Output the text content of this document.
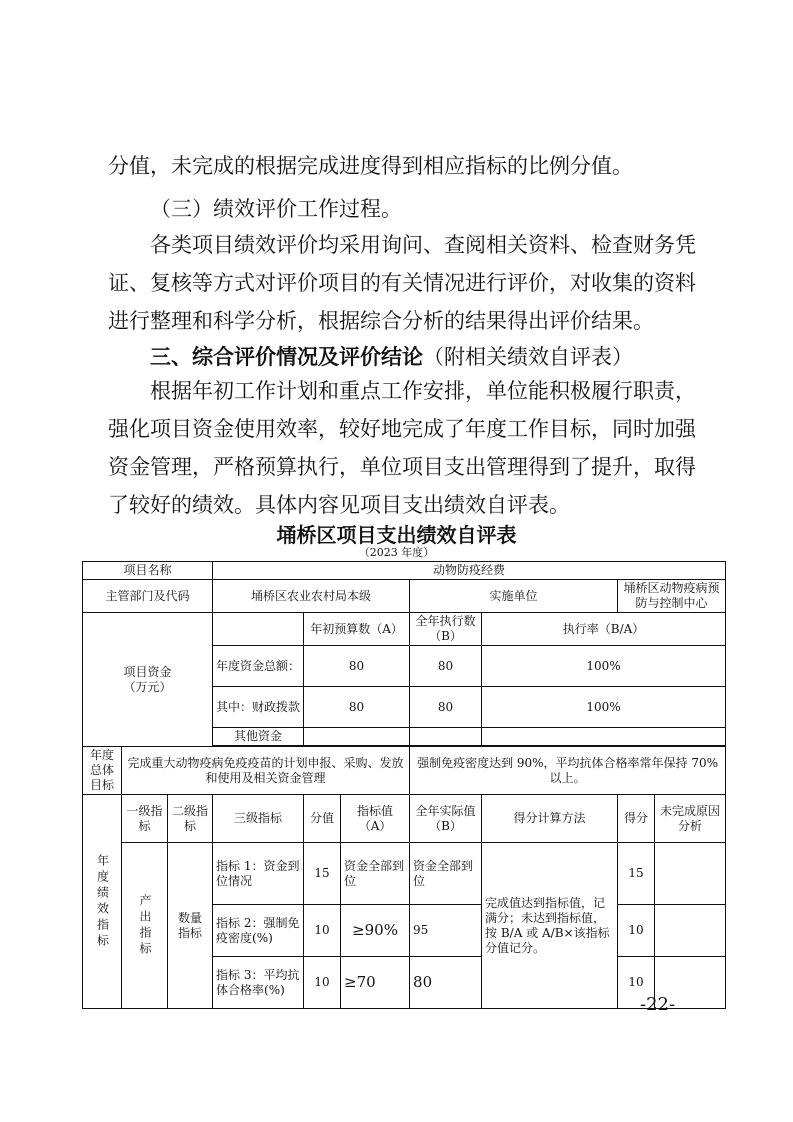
分值，未完成的根据完成进度得到相应指标的比例分值。

（三）绩效评价工作过程。

各类项目绩效评价均采用询问、查阅相关资料、检查财务凭证、复核等方式对评价项目的有关情况进行评价，对收集的资料进行整理和科学分析，根据综合分析的结果得出评价结果。

三、综合评价情况及评价结论（附相关绩效自评表）

根据年初工作计划和重点工作安排，单位能积极履行职责，强化项目资金使用效率，较好地完成了年度工作目标，同时加强资金管理，严格预算执行，单位项目支出管理得到了提升，取得了较好的绩效。具体内容见项目支出绩效自评表。

埇桥区项目支出绩效自评表
（2023 年度）
项目名称			动物防疫经费						
主管部门及代码			埇桥区农业农村局本级			实施单位		埇桥区动物疫病预防与控制中心	

项目资金（万元）				年初预算数（A）		全年执行数（B）	执行率（B/A）		
			年度资金总额：	80		80	100%		
			其中：财政拨款	80		80	100%		
			其他资金						

年度总体目标	完成重大动物疫病免疫疫苗的计划申报、采购、发放和使用及相关资金管理					强制免疫密度达到 90%，平均抗体合格率常年保持 70%以上。			

年度绩效指标	一级指标	二级指标	三级指标	分值	指标值（A）	全年实际值（B）	得分计算方法	得分	未完成原因分析

	产出指标	数量指标	指标 1：资金到位情况	15	资金全部到位	资金全部到位	完成值达到指标值，记满分；未达到指标值，按 B/A 或 A/B×该指标分值记分。	15	
			指标 2：强制免疫密度(%)	10	≥90%	95		10	
			指标 3：平均抗体合格率(%)	10	≥70	80		10	
-22-
